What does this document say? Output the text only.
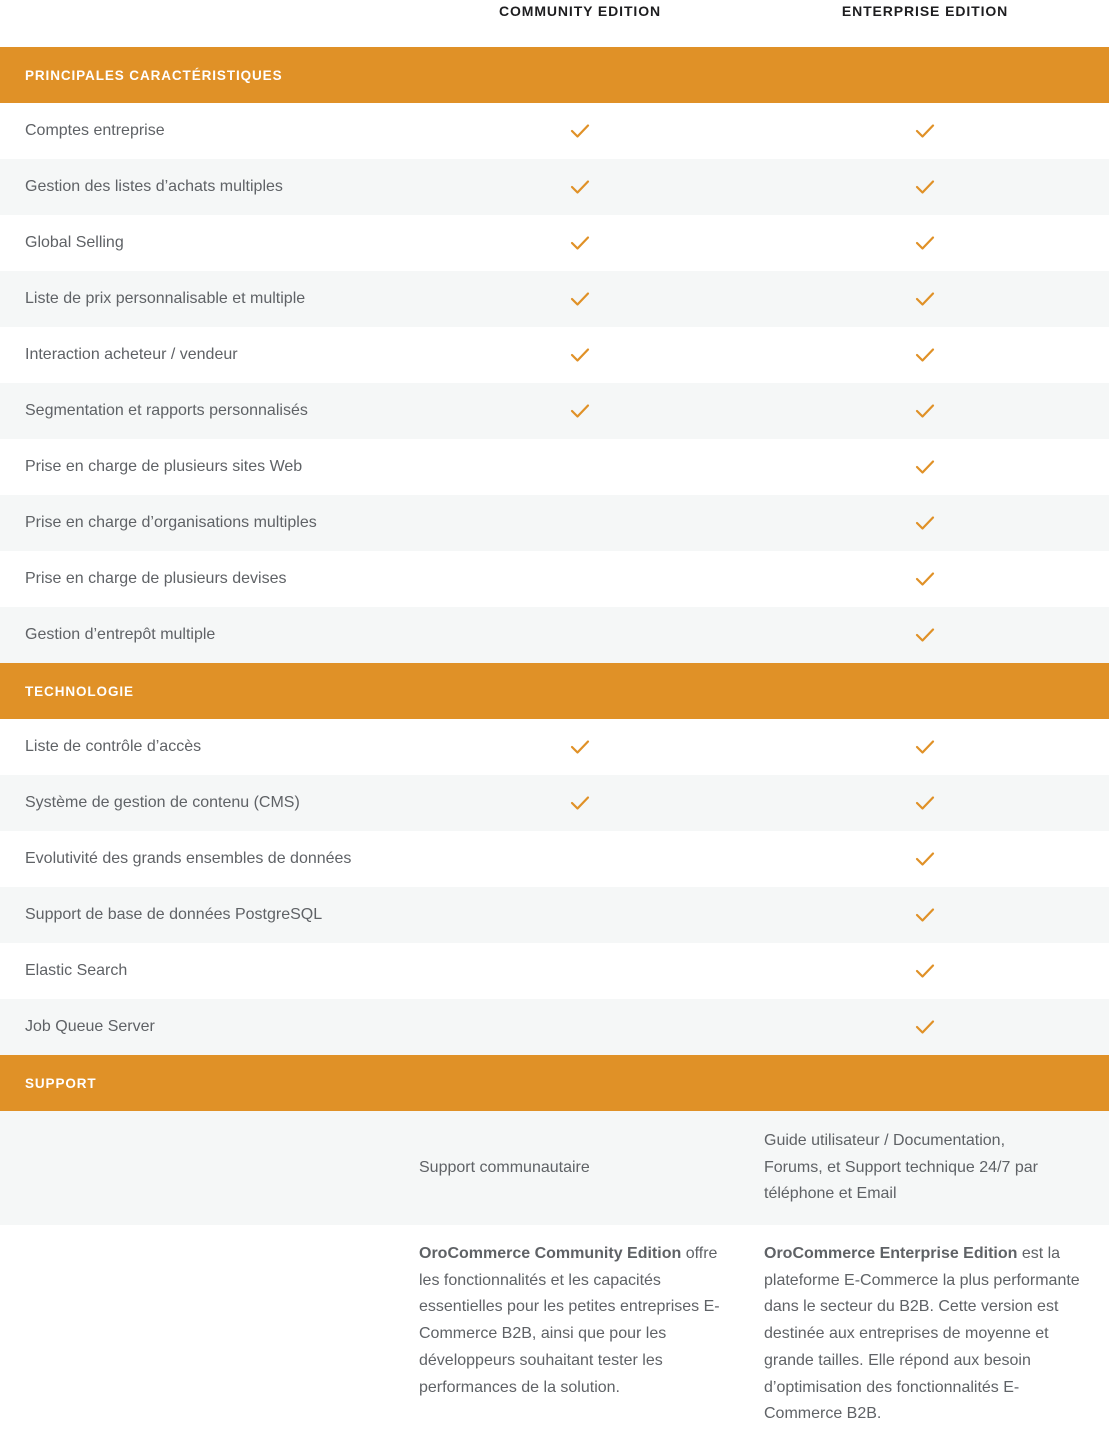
COMMUNITY EDITION	ENTERPRISE EDITION
PRINCIPALES CARACTÉRISTIQUES
Comptes entreprise
Gestion des listes d’achats multiples
Global Selling
Liste de prix personnalisable et multiple
Interaction acheteur / vendeur
Segmentation et rapports personnalisés
Prise en charge de plusieurs sites Web
Prise en charge d’organisations multiples
Prise en charge de plusieurs devises
Gestion d’entrepôt multiple
TECHNOLOGIE
Liste de contrôle d’accès
Système de gestion de contenu (CMS)
Evolutivité des grands ensembles de données
Support de base de données PostgreSQL
Elastic Search
Job Queue Server
SUPPORT
Support communautaire
Guide utilisateur / Documentation,
Forums, et Support technique 24/7 par
téléphone et Email
OroCommerce Community Edition offre les fonctionnalités et les capacités essentielles pour les petites entreprises E-Commerce B2B, ainsi que pour les développeurs souhaitant tester les performances de la solution.
OroCommerce Enterprise Edition est la plateforme E-Commerce la plus performante dans le secteur du B2B. Cette version est destinée aux entreprises de moyenne et grande tailles. Elle répond aux besoin d’optimisation des fonctionnalités E-Commerce B2B.
